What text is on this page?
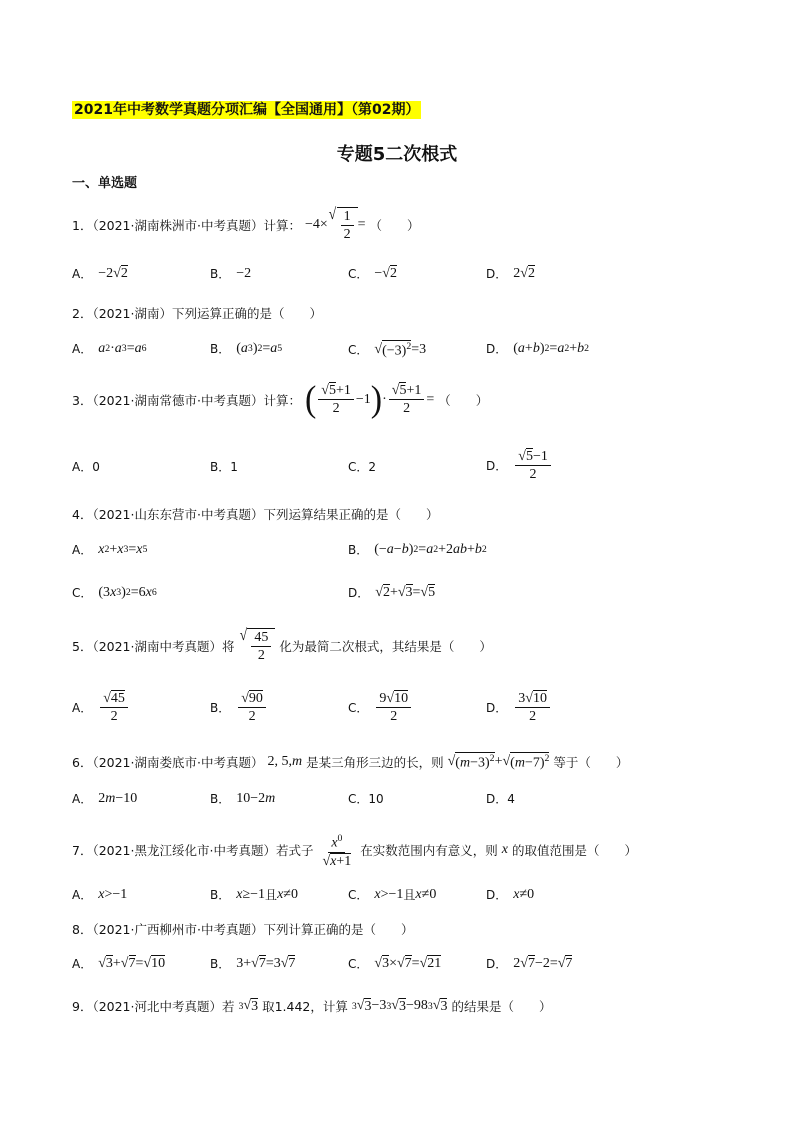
2021年中考数学真题分项汇编【全国通用】（第02期）
专题5二次根式
一、单选题
1．（2021·湖南株洲市·中考真题）计算： −4×
√ $\frac{1}{2}$ = （　　）
A． −2√ 2	B． −2	C． −√ 2	D． 2√ 2
2．（2021·湖南）下列运算正确的是（　　）
A． a 2 · a 3 = a 6	B． ( a 3 ) 2 = a 5	C． √ $(-3)^2 =3$	D． ( a + b ) 2 = a 2 + b 2
3．（2021·湖南常德市·中考真题）计算： ( $\frac{√5+1}{2} -1$ ) · $\frac{√5+1}{2}$ = （　　）
A．0	B．1	C．2	D． $\frac{√5-1}{2}$
4．（2021·山东东营市·中考真题）下列运算结果正确的是（　　）
A． x 2 + x 3 = x 5	B． (− a − b ) 2 = a 2 +2 ab + b 2
C． (3 x 3 ) 2 =6 x 6	D． √ 2 +√ 3 =√ 5
5．（2021·湖南中考真题）将
√ $\frac{45}{2}$ 化为最简二次根式，其结果是（　　）
A． $\frac{√45}{2}$	B． $\frac{√90}{2}$	C． $\frac{9√10}{2}$	D． $\frac{3√10}{2}$
6．（2021·湖南娄底市·中考真题） 2, 5, m 是某三角形三边的长，则 √ $(m-3)^2$ +√ $(m-7)^2$ 等于（　　）
A． 2 m −10	B． 10−2 m	C．10	D．4
7．（2021·黑龙江绥化市·中考真题）若式子 $\frac{x^0}{√x+1}$ 在实数范围内有意义，则 x 的取值范围是（　　）
A． x >−1	B． x ≥−1 且 x ≠0	C． x >−1 且 x ≠0	D． x ≠0
8．（2021·广西柳州市·中考真题）下列计算正确的是（　　）
A． √ 3 +√ 7 =√ 10	B． 3+√ 7 =3√ 7	C． √ 3 ×√ 7 =√ 21	D． 2√ 7 −2=√ 7
9．（2021·河北中考真题）若 3 √ 3 取1.442，计算 3 √ 3 −3 3 √ 3 −98 3 √ 3 的结果是（　　）
